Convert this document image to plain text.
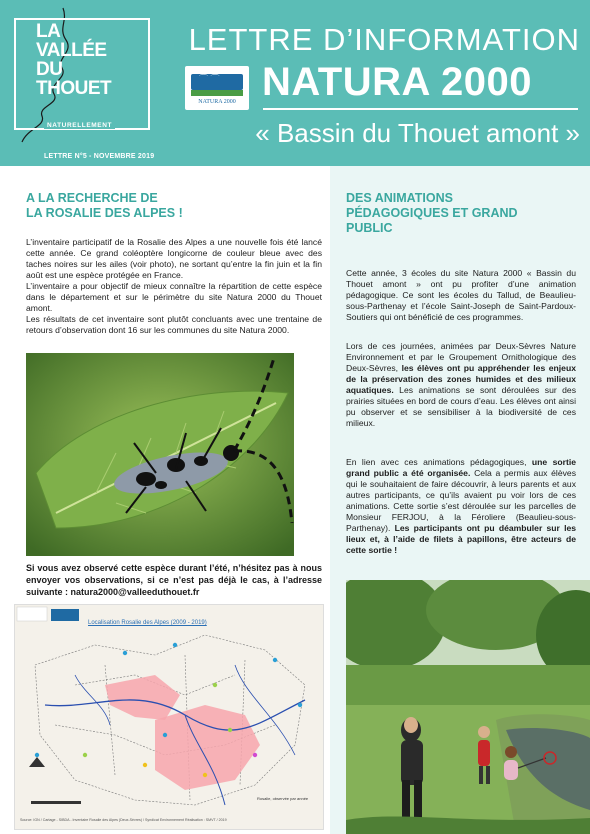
LA
VALLÉE
DU
THOUET
NATURELLEMENT
LETTRE D’INFORMATION
⌒ ⌒
NATURA 2000 NATURA 2000
« Bassin du Thouet amont »
LETTRE N°5 - NOVEMBRE 2019
A LA RECHERCHE DE
LA ROSALIE DES ALPES !

L’inventaire participatif de la Rosalie des Alpes a une nouvelle fois été lancé cette année. Ce grand coléoptère longicorne de couleur bleue avec des taches noires sur les ailes (voir photo), ne sortant qu’entre la fin juin et la fin août est une espèce protégée en France.

L’inventaire a pour objectif de mieux connaître la répartition de cette espèce dans le département et sur le périmètre du site Natura 2000 du Thouet amont.

Les résultats de cet inventaire sont plutôt concluants avec une trentaine de retours d’observation dont 16 sur les communes du site Natura 2000.

Si vous avez observé cette espèce durant l’été, n’hésitez pas à nous envoyer vos observations, si ce n’est pas déjà le cas, à l’adresse suivante : natura2000@valleeduthouet.fr

Localisation Rosalie des Alpes (2009 - 2019)
Rosalie, observée par année
Source: IGN / Cartage - SIBDA - Inventaire Rosalie des Alpes (Deux-Sèvres) / Syndicat Environnement Réalisation : SMVT / 2019
DES ANIMATIONS
PÉDAGOGIQUES ET GRAND
PUBLIC

Cette année, 3 écoles du site Natura 2000 « Bassin du Thouet amont » ont pu profiter d’une animation pédagogique. Ce sont les écoles du Tallud, de Beaulieu-sous-Parthenay et l’école Saint-Joseph de Saint-Pardoux-Soutiers qui ont bénéficié de ces programmes.

Lors de ces journées, animées par Deux-Sèvres Nature Environnement et par le Groupement Ornithologique des Deux-Sèvres, les élèves ont pu appréhender les enjeux de la préservation des zones humides et des milieux aquatiques. Les animations se sont déroulées sur des prairies situées en bord de cours d’eau. Les élèves ont ainsi pu observer et se sensibiliser à la biodiversité de ces milieux.

En lien avec ces animations pédagogiques, une sortie grand public a été organisée. Cela a permis aux élèves qui le souhaitaient de faire découvrir, à leurs parents et aux autres participants, ce qu’ils avaient pu voir lors de ces animations. Cette sortie s’est déroulée sur les parcelles de Monsieur FERJOU, à la Féroliere (Beaulieu-sous-Parthenay). Les participants ont pu déambuler sur les lieux et, à l’aide de filets à papillons, être acteurs de cette sortie !
